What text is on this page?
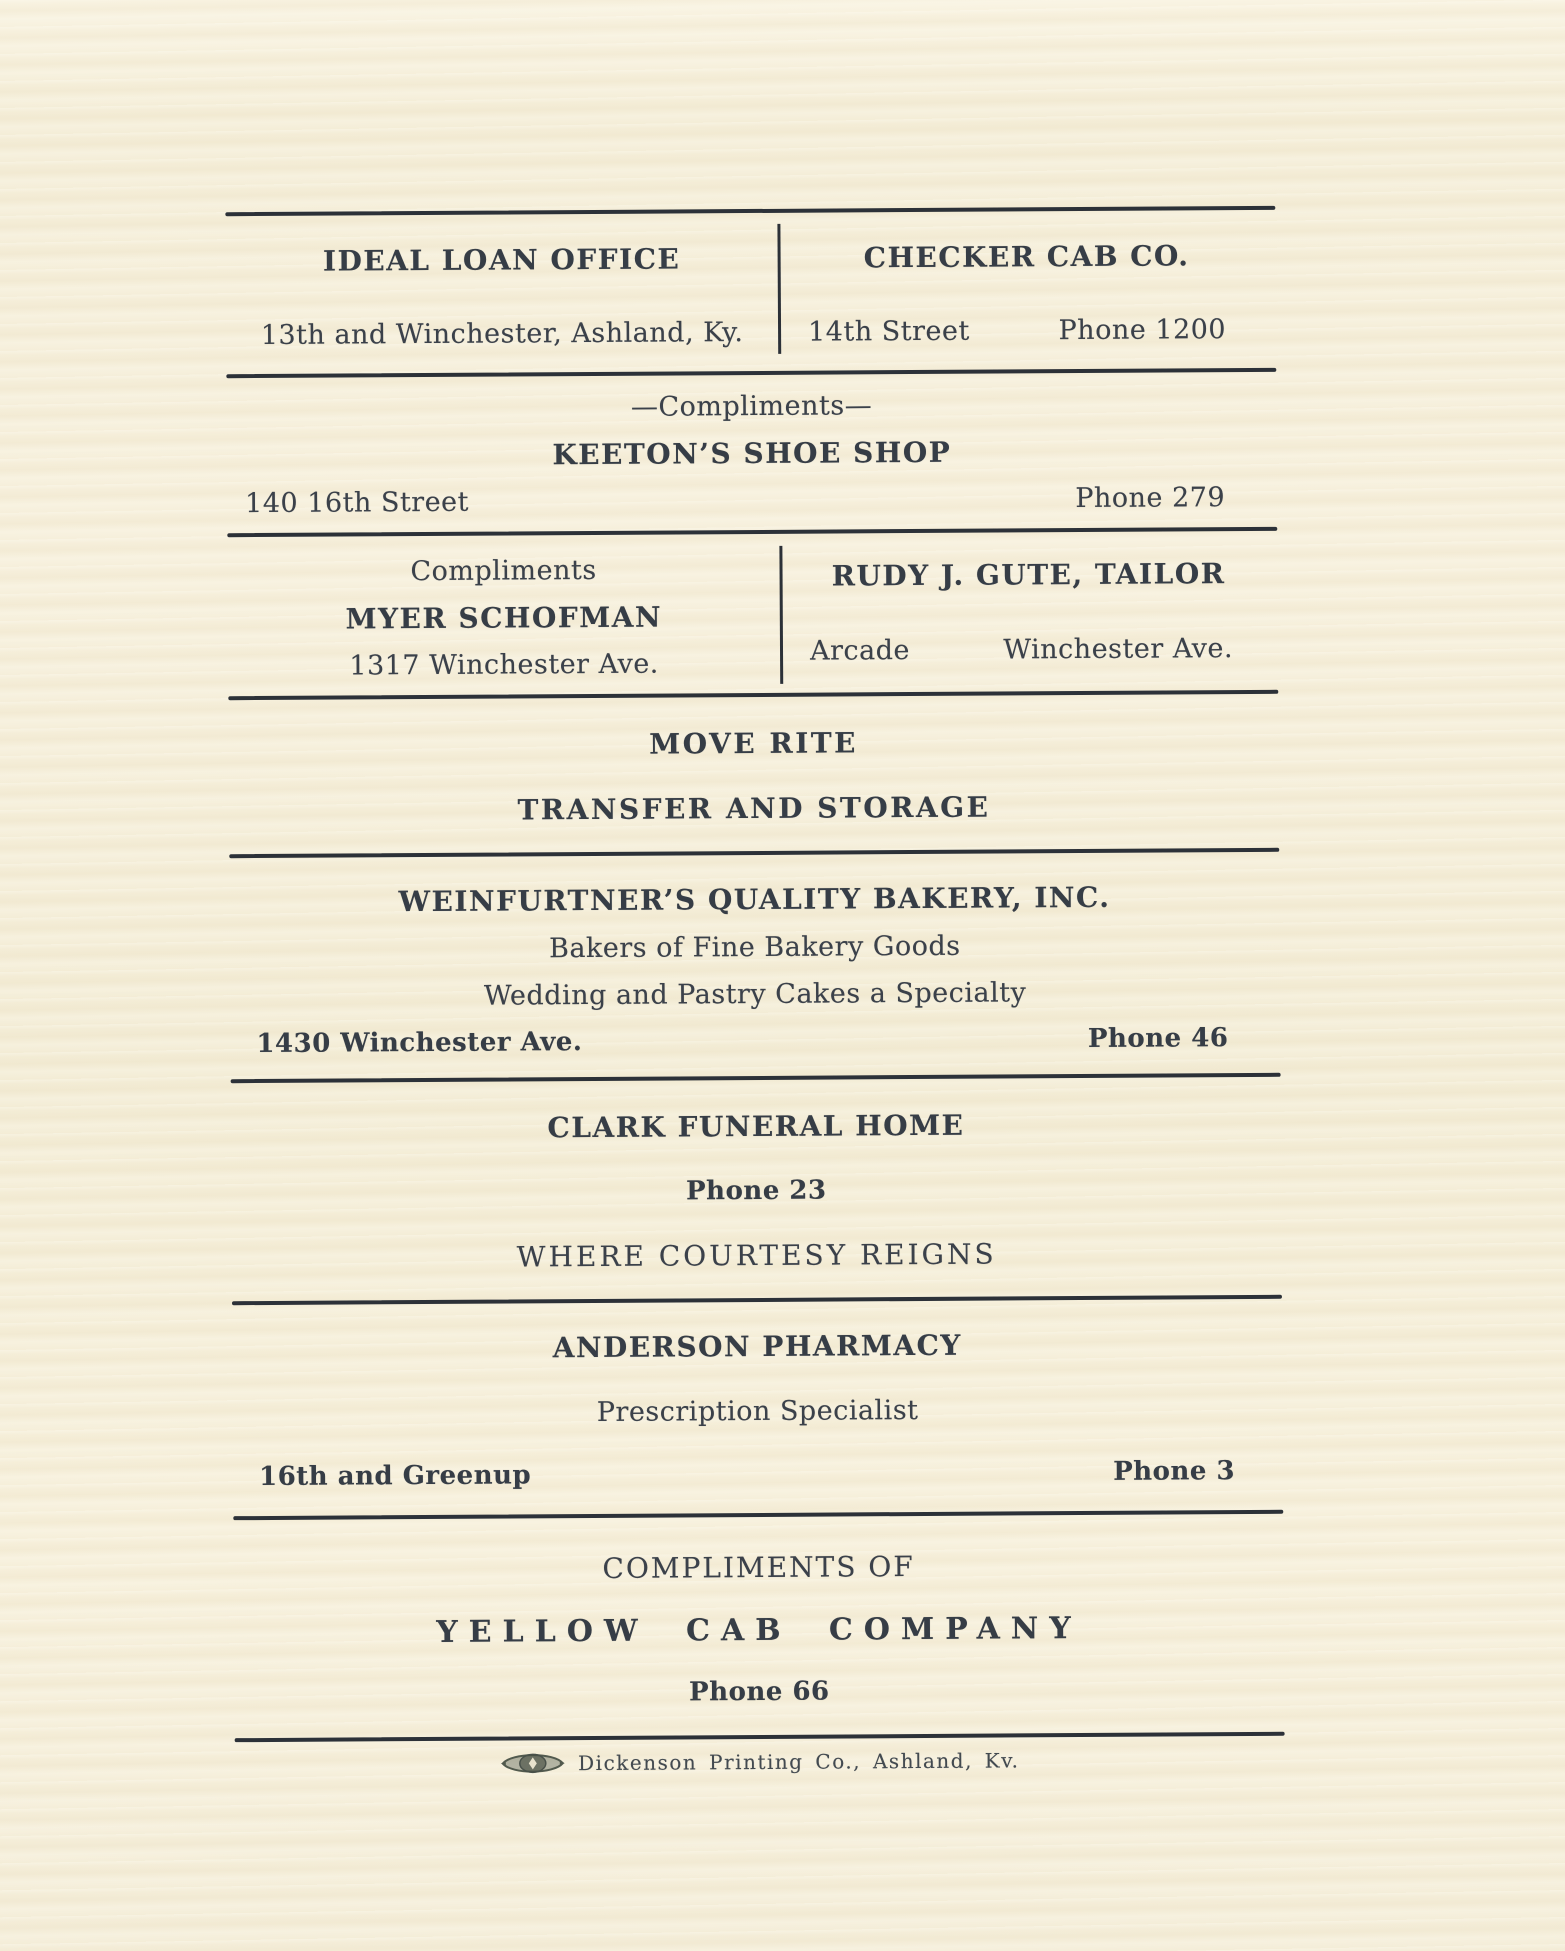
IDEAL LOAN OFFICE
13th and Winchester, Ashland, Ky.
CHECKER CAB CO.
14th Street	Phone 1200
—Compliments—
KEETON’S SHOE SHOP
140 16th Street	Phone 279
Compliments
MYER SCHOFMAN
1317 Winchester Ave.
RUDY J. GUTE, TAILOR
Arcade	Winchester Ave.
MOVE RITE
TRANSFER AND STORAGE
WEINFURTNER’S QUALITY BAKERY, INC.
Bakers of Fine Bakery Goods
Wedding and Pastry Cakes a Specialty
1430 Winchester Ave.	Phone 46
CLARK FUNERAL HOME
Phone 23
WHERE COURTESY REIGNS
ANDERSON PHARMACY
Prescription Specialist
16th and Greenup	Phone 3
COMPLIMENTS OF
YELLOW CAB COMPANY
Phone 66
Dickenson Printing Co., Ashland, Kv.
